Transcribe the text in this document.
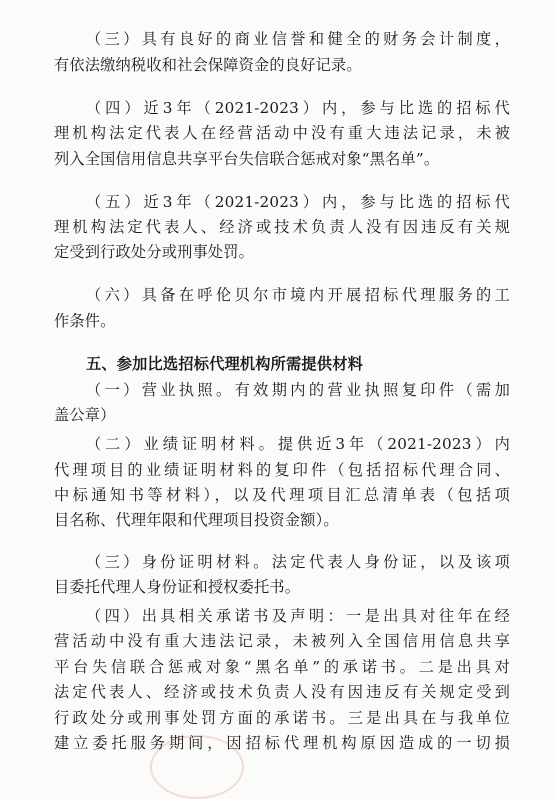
（三）具有良好的商业信誉和健全的财务会计制度，
有依法缴纳税收和社会保障资金的良好记录。
（四）近3年（2021-2023）内，参与比选的招标代
理机构法定代表人在经营活动中没有重大违法记录，未被
列入全国信用信息共享平台失信联合惩戒对象“黑名单”。
（五）近3年（2021-2023）内，参与比选的招标代
理机构法定代表人、经济或技术负责人没有因违反有关规
定受到行政处分或刑事处罚。
（六）具备在呼伦贝尔市境内开展招标代理服务的工
作条件。
五、参加比选招标代理机构所需提供材料
（一）营业执照。有效期内的营业执照复印件（需加
盖公章）
（二）业绩证明材料。提供近3年（2021-2023）内
代理项目的业绩证明材料的复印件（包括招标代理合同、
中标通知书等材料），以及代理项目汇总清单表（包括项
目名称、代理年限和代理项目投资金额）。
（三）身份证明材料。法定代表人身份证，以及该项
目委托代理人身份证和授权委托书。
（四）出具相关承诺书及声明：一是出具对往年在经
营活动中没有重大违法记录，未被列入全国信用信息共享
平台失信联合惩戒对象“黑名单”的承诺书。二是出具对
法定代表人、经济或技术负责人没有因违反有关规定受到
行政处分或刑事处罚方面的承诺书。三是出具在与我单位
建立委托服务期间，因招标代理机构原因造成的一切损
